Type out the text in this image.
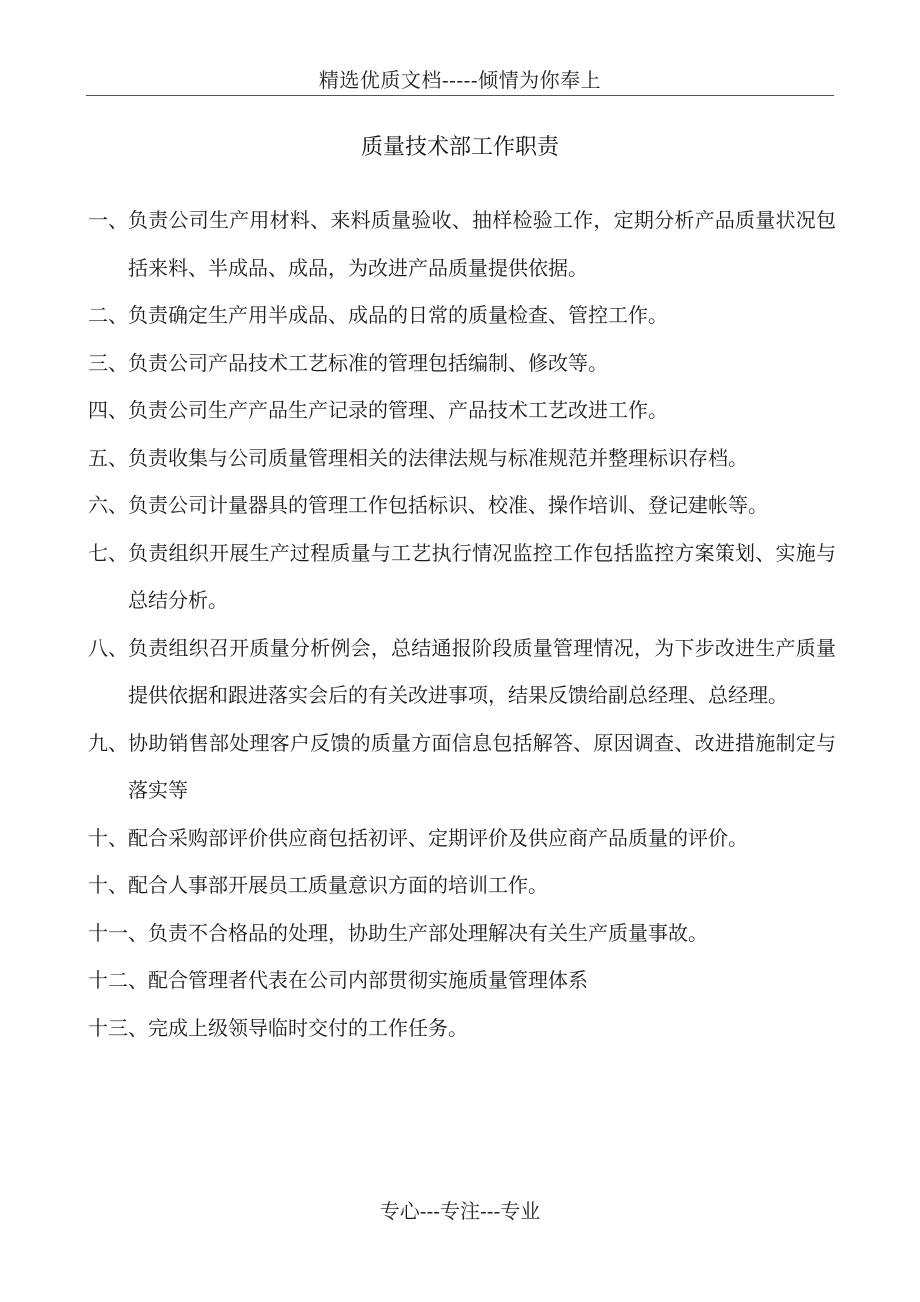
精选优质文档-----倾情为你奉上
质量技术部工作职责
一、 负责公司生产用材料、来料质量验收、抽样检验工作，定期分析产品质量状况包括来料、半成品、成品，为改进产品质量提供依据。
二、 负责确定生产用半成品、成品的日常的质量检查、管控工作。
三、 负责公司产品技术工艺标准的管理包括编制、修改等。
四、 负责公司生产产品生产记录的管理、产品技术工艺改进工作。
五、 负责收集与公司质量管理相关的法律法规与标准规范并整理标识存档。
六、 负责公司计量器具的管理工作包括标识、校准、操作培训、登记建帐等。
七、 负责组织开展生产过程质量与工艺执行情况监控工作包括监控方案策划、实施与总结分析。
八、 负责组织召开质量分析例会，总结通报阶段质量管理情况，为下步改进生产质量提供依据和跟进落实会后的有关改进事项，结果反馈给副总经理、总经理。
九、 协助销售部处理客户反馈的质量方面信息包括解答、原因调查、改进措施制定与落实等
十、 配合采购部评价供应商包括初评、定期评价及供应商产品质量的评价。
十、 配合人事部开展员工质量意识方面的培训工作。
十一、 负责不合格品的处理，协助生产部处理解决有关生产质量事故。
十二、 配合管理者代表在公司内部贯彻实施质量管理体系
十三、 完成上级领导临时交付的工作任务。
专心---专注---专业
